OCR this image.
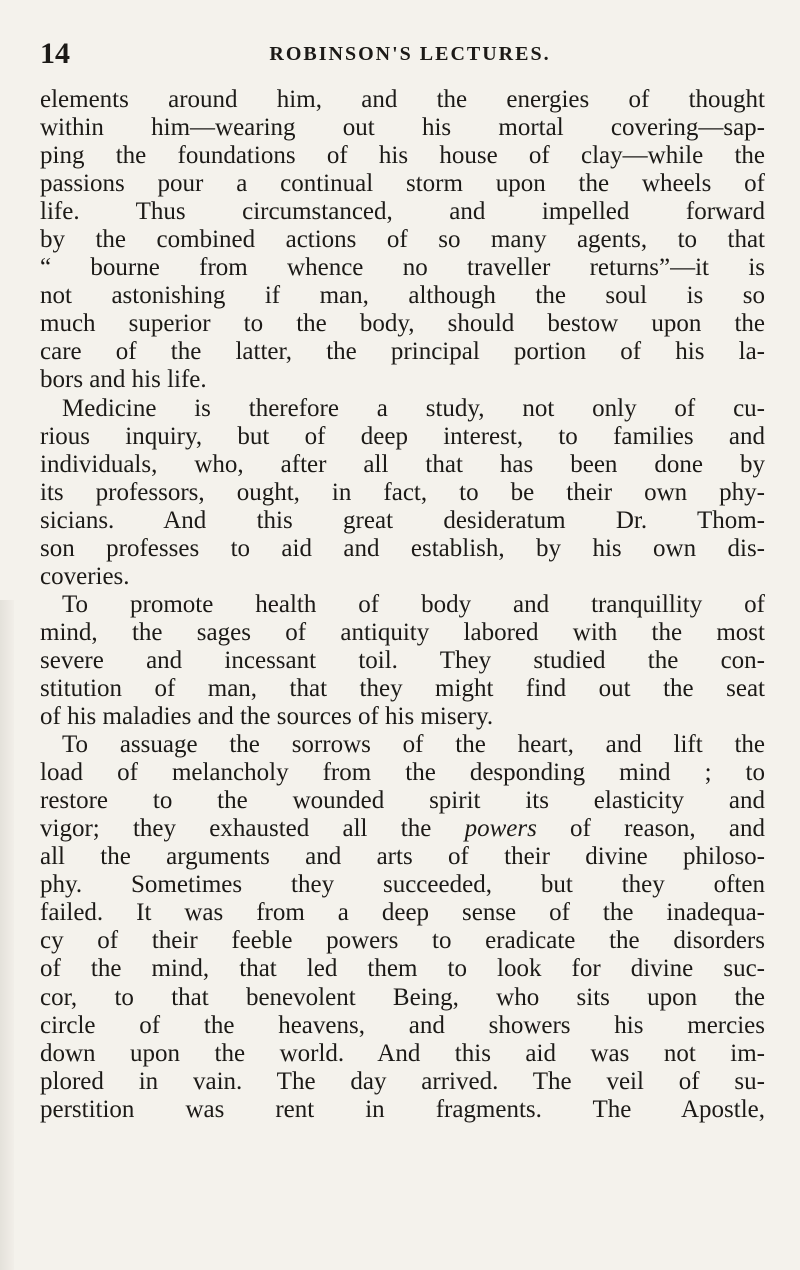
14	ROBINSON'S LECTURES.
elements around him, and the energies of thought
within him—wearing out his mortal covering—sap-
ping the foundations of his house of clay—while the
passions pour a continual storm upon the wheels of
life. Thus circumstanced, and impelled forward
by the combined actions of so many agents, to that
“ bourne from whence no traveller returns”—it is
not astonishing if man, although the soul is so
much superior to the body, should bestow upon the
care of the latter, the principal portion of his la-
bors and his life.
Medicine is therefore a study, not only of cu-
rious inquiry, but of deep interest, to families and
individuals, who, after all that has been done by
its professors, ought, in fact, to be their own phy-
sicians. And this great desideratum Dr. Thom-
son professes to aid and establish, by his own dis-
coveries.
To promote health of body and tranquillity of
mind, the sages of antiquity labored with the most
severe and incessant toil. They studied the con-
stitution of man, that they might find out the seat
of his maladies and the sources of his misery.
To assuage the sorrows of the heart, and lift the
load of melancholy from the desponding mind ; to
restore to the wounded spirit its elasticity and
vigor; they exhausted all the powers of reason, and
all the arguments and arts of their divine philoso-
phy. Sometimes they succeeded, but they often
failed. It was from a deep sense of the inadequa-
cy of their feeble powers to eradicate the disorders
of the mind, that led them to look for divine suc-
cor, to that benevolent Being, who sits upon the
circle of the heavens, and showers his mercies
down upon the world. And this aid was not im-
plored in vain. The day arrived. The veil of su-
perstition was rent in fragments. The Apostle,
